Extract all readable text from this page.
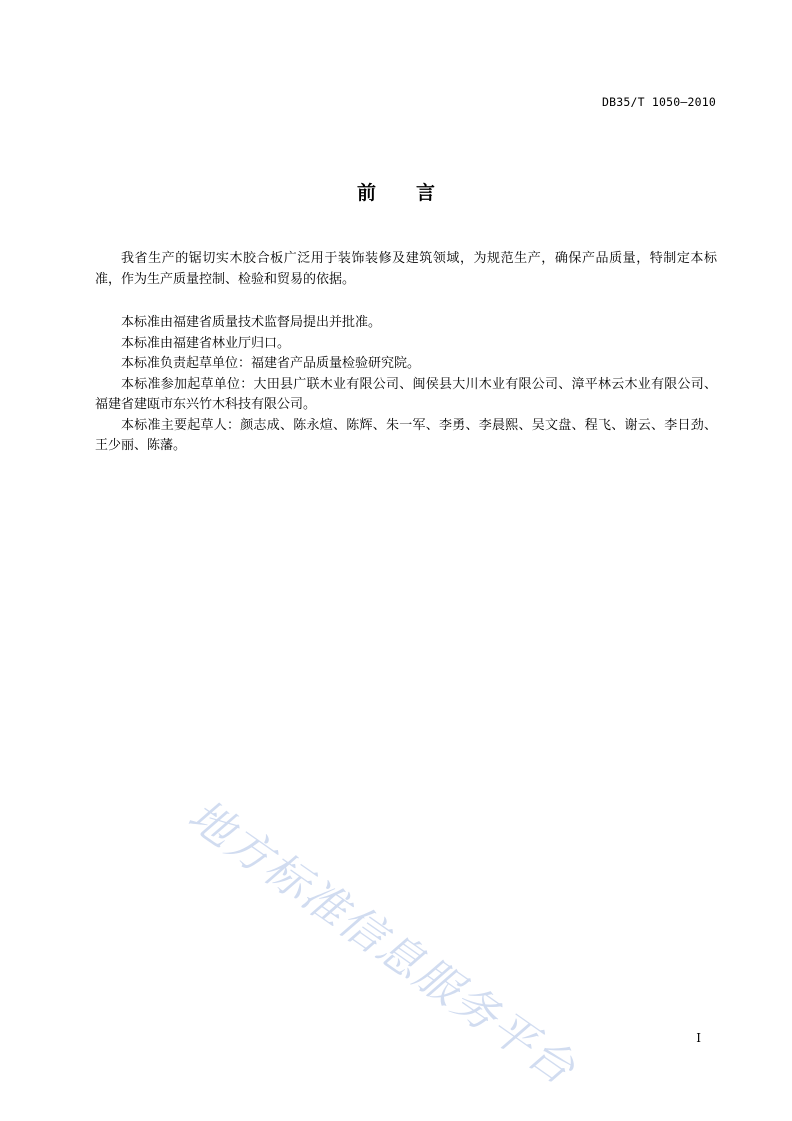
DB35/T 1050—2010
前言

我省生产的锯切实木胶合板广泛用于装饰装修及建筑领域，为规范生产，确保产品质量，特制定本标准，作为生产质量控制、检验和贸易的依据。

本标准由福建省质量技术监督局提出并批准。

本标准由福建省林业厅归口。

本标准负责起草单位：福建省产品质量检验研究院。

本标准参加起草单位：大田县广联木业有限公司、闽侯县大川木业有限公司、漳平林云木业有限公司、福建省建瓯市东兴竹木科技有限公司。

本标准主要起草人：颜志成、陈永煊、陈辉、朱一军、李勇、李晨熙、吴文盘、程飞、谢云、李日劲、王少丽、陈藩。

地方标准信息服务平台	I
